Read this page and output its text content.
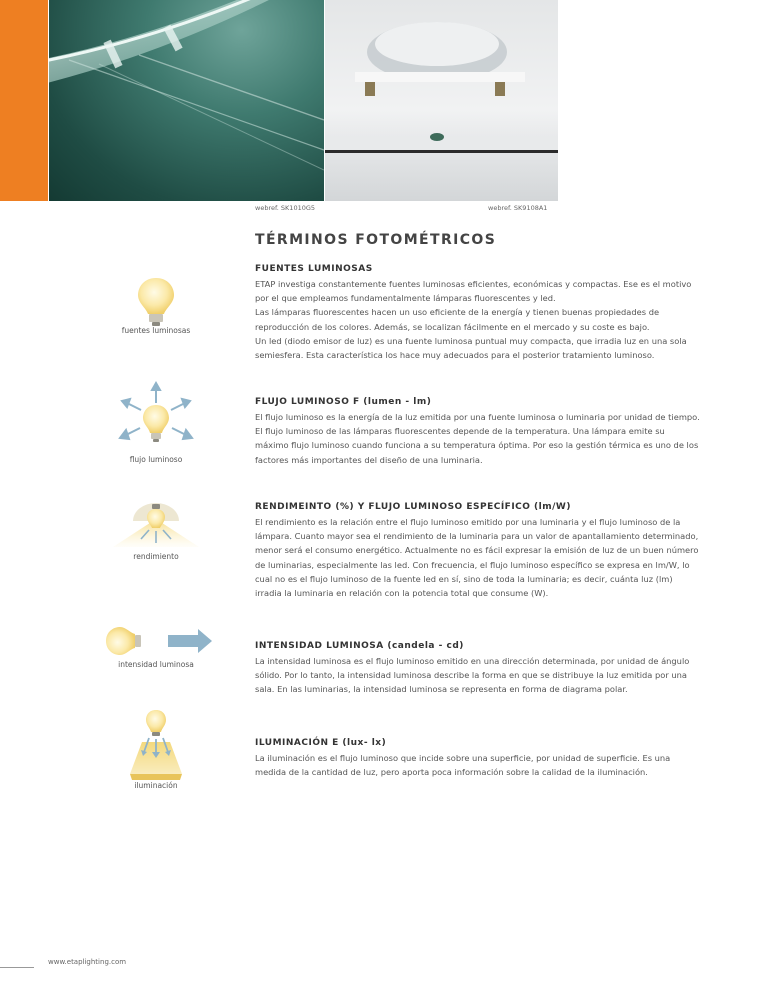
webref. SK1010G5	webref. SK9108A1
TÉRMINOS FOTOMÉTRICOS
fuentes luminosas
FUENTES LUMINOSAS

ETAP investiga constantemente fuentes luminosas eficientes, económicas y compactas. Ese es el motivo por el que empleamos fundamentalmente lámparas fluorescentes y led.

Las lámparas fluorescentes hacen un uso eficiente de la energía y tienen buenas propiedades de reproducción de los colores. Además, se localizan fácilmente en el mercado y su coste es bajo.

Un led (diodo emisor de luz) es una fuente luminosa puntual muy compacta, que irradia luz en una sola semiesfera. Esta característica los hace muy adecuados para el posterior tratamiento luminoso.

flujo luminoso
FLUJO LUMINOSO F (lumen - lm)

El flujo luminoso es la energía de la luz emitida por una fuente luminosa o luminaria por unidad de tiempo. El flujo luminoso de las lámparas fluorescentes depende de la temperatura. Una lámpara emite su máximo flujo luminoso cuando funciona a su temperatura óptima. Por eso la gestión térmica es uno de los factores más importantes del diseño de una luminaria.

rendimiento
RENDIMEINTO (%) Y FLUJO LUMINOSO ESPECÍFICO (lm/W)

El rendimiento es la relación entre el flujo luminoso emitido por una luminaria y el flujo luminoso de la lámpara. Cuanto mayor sea el rendimiento de la luminaria para un valor de apantallamiento determinado, menor será el consumo energético. Actualmente no es fácil expresar la emisión de luz de un buen número de luminarias, especialmente las led. Con frecuencia, el flujo luminoso específico se expresa en lm/W, lo cual no es el flujo luminoso de la fuente led en sí, sino de toda la luminaria; es decir, cuánta luz (lm) irradia la luminaria en relación con la potencia total que consume (W).

intensidad luminosa
INTENSIDAD LUMINOSA (candela - cd)

La intensidad luminosa es el flujo luminoso emitido en una dirección determinada, por unidad de ángulo sólido. Por lo tanto, la intensidad luminosa describe la forma en que se distribuye la luz emitida por una sala. En las luminarias, la intensidad luminosa se representa en forma de diagrama polar.

iluminación
ILUMINACIÓN E (lux- lx)

La iluminación es el flujo luminoso que incide sobre una superficie, por unidad de superficie. Es una medida de la cantidad de luz, pero aporta poca información sobre la calidad de la iluminación.

www.etaplighting.com
